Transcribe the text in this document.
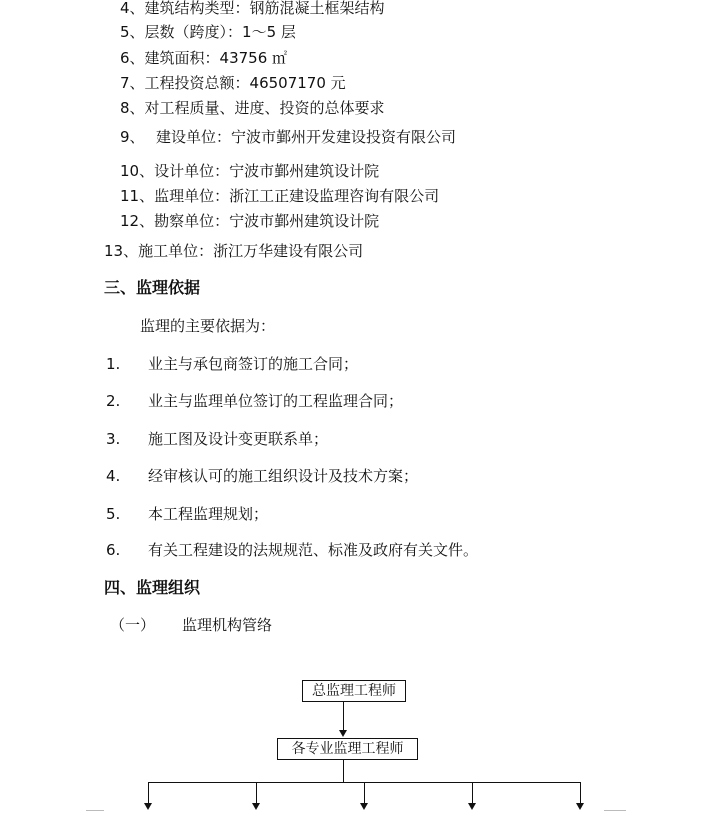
4、建筑结构类型：钢筋混凝土框架结构
5、层数（跨度）：1～5 层
6、建筑面积：43756 ㎡
7、工程投资总额：46507170 元
8、对工程质量、进度、投资的总体要求
9、 建设单位：宁波市鄞州开发建设投资有限公司
10、设计单位：宁波市鄞州建筑设计院
11、监理单位：浙江工正建设监理咨询有限公司
12、勘察单位：宁波市鄞州建筑设计院
13、施工单位：浙江万华建设有限公司
三、监理依据
监理的主要依据为：
1. 业主与承包商签订的施工合同；
2. 业主与监理单位签订的工程监理合同；
3. 施工图及设计变更联系单；
4. 经审核认可的施工组织设计及技术方案；
5. 本工程监理规划；
6. 有关工程建设的法规规范、标准及政府有关文件。
四、监理组织
（一） 监理机构管络
总监理工程师
各专业监理工程师
